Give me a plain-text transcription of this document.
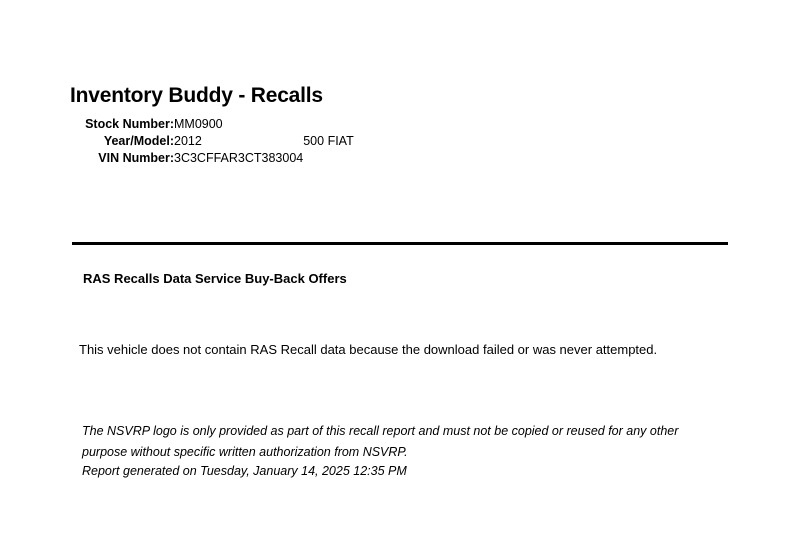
Inventory Buddy - Recalls
Stock Number:	MM0900	
Year/Model:	2012	500 FIAT
VIN Number:	3C3CFFAR3CT383004	
RAS Recalls Data Service Buy-Back Offers
This vehicle does not contain RAS Recall data because the download failed or was never attempted.
The NSVRP logo is only provided as part of this recall report and must not be copied or reused for any other purpose without specific written authorization from NSVRP.
Report generated on Tuesday, January 14, 2025 12:35 PM
